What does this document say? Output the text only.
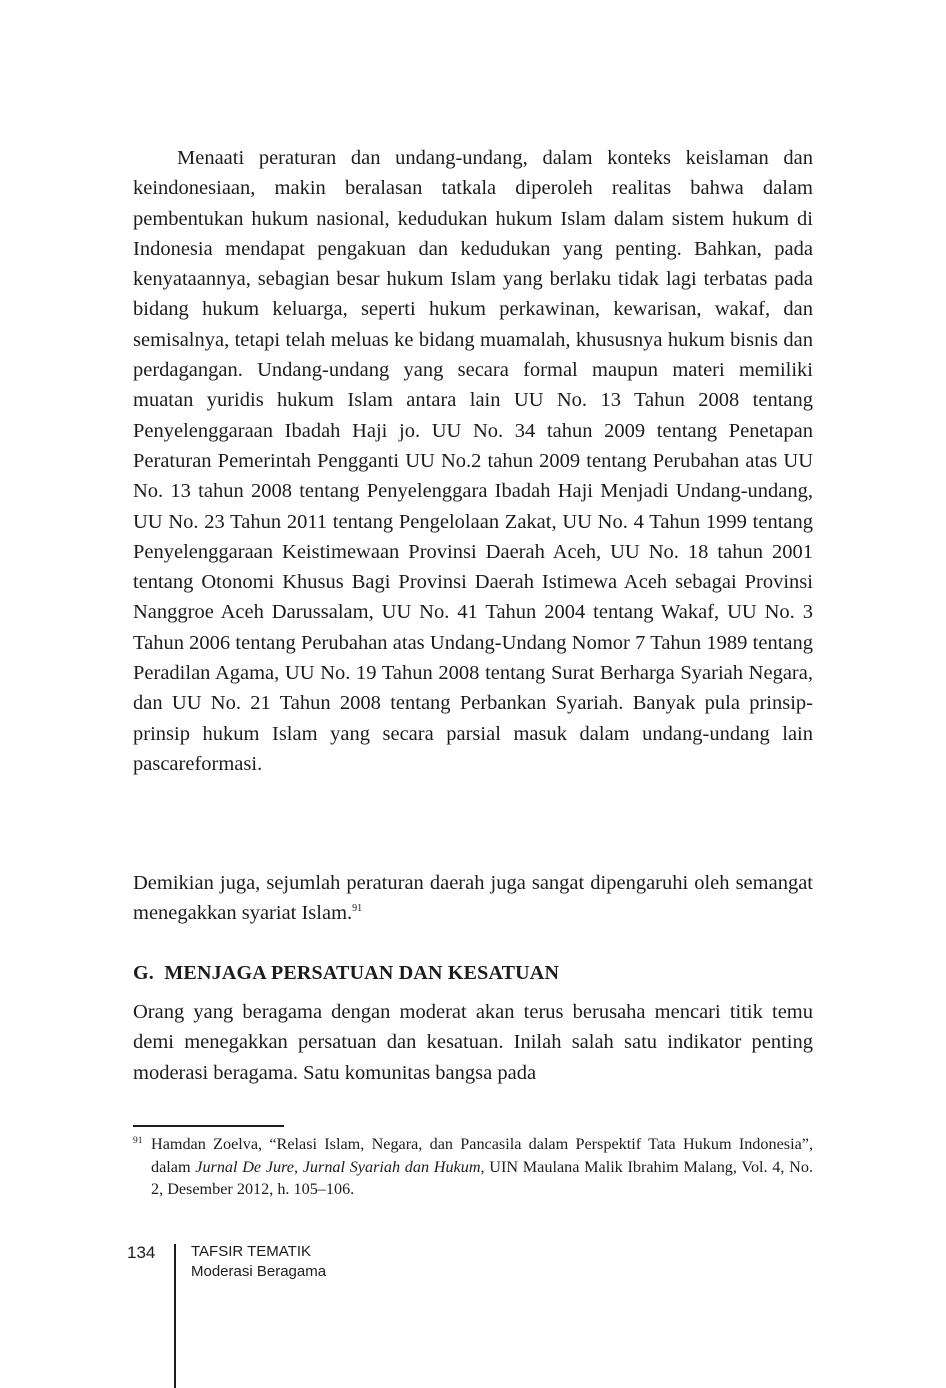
Menaati peraturan dan undang-undang, dalam konteks keislaman dan keindonesiaan, makin beralasan tatkala diperoleh realitas bahwa dalam pembentukan hukum nasional, kedudukan hukum Islam dalam sistem hukum di Indonesia mendapat pengakuan dan kedudukan yang penting. Bahkan, pada kenyataannya, sebagian besar hukum Islam yang berlaku tidak lagi terbatas pada bidang hukum keluarga, seperti hukum perkawinan, kewarisan, wakaf, dan semisalnya, tetapi telah meluas ke bidang muamalah, khususnya hukum bisnis dan perdagangan. Undang-undang yang secara formal maupun materi memiliki muatan yuridis hukum Islam antara lain UU No. 13 Tahun 2008 tentang Penyelenggaraan Ibadah Haji jo. UU No. 34 tahun 2009 tentang Penetapan Peraturan Pemerintah Pengganti UU No.2 tahun 2009 tentang Perubahan atas UU No. 13 tahun 2008 tentang Penyelenggara Ibadah Haji Menjadi Undang-undang, UU No. 23 Tahun 2011 tentang Pengelolaan Zakat, UU No. 4 Tahun 1999 tentang Penyelenggaraan Keistimewaan Provinsi Daerah Aceh, UU No. 18 tahun 2001 tentang Otonomi Khusus Bagi Provinsi Daerah Istimewa Aceh sebagai Provinsi Nanggroe Aceh Darussalam, UU No. 41 Tahun 2004 tentang Wakaf, UU No. 3 Tahun 2006 tentang Perubahan atas Undang-Undang Nomor 7 Tahun 1989 tentang Peradilan Agama, UU No. 19 Tahun 2008 tentang Surat Berharga Syariah Negara, dan UU No. 21 Tahun 2008 tentang Perbankan Syariah. Banyak pula prinsip-prinsip hukum Islam yang secara parsial masuk dalam undang-undang lain pascareformasi.

Demikian juga, sejumlah peraturan daerah juga sangat dipengaruhi oleh semangat menegakkan syariat Islam.$^{91}$

G.  MENJAGA PERSATUAN DAN KESATUAN

Orang yang beragama dengan moderat akan terus berusaha mencari titik temu demi menegakkan persatuan dan kesatuan. Inilah salah satu indikator penting moderasi beragama. Satu komunitas bangsa pada

91 Hamdan Zoelva, “Relasi Islam, Negara, dan Pancasila dalam Perspektif Tata Hukum Indonesia”, dalam Jurnal De Jure, Jurnal Syariah dan Hukum, UIN Maulana Malik Ibrahim Malang, Vol. 4, No. 2, Desember 2012, h. 105–106.

134 TAFSIR TEMATIK
Moderasi Beragama
